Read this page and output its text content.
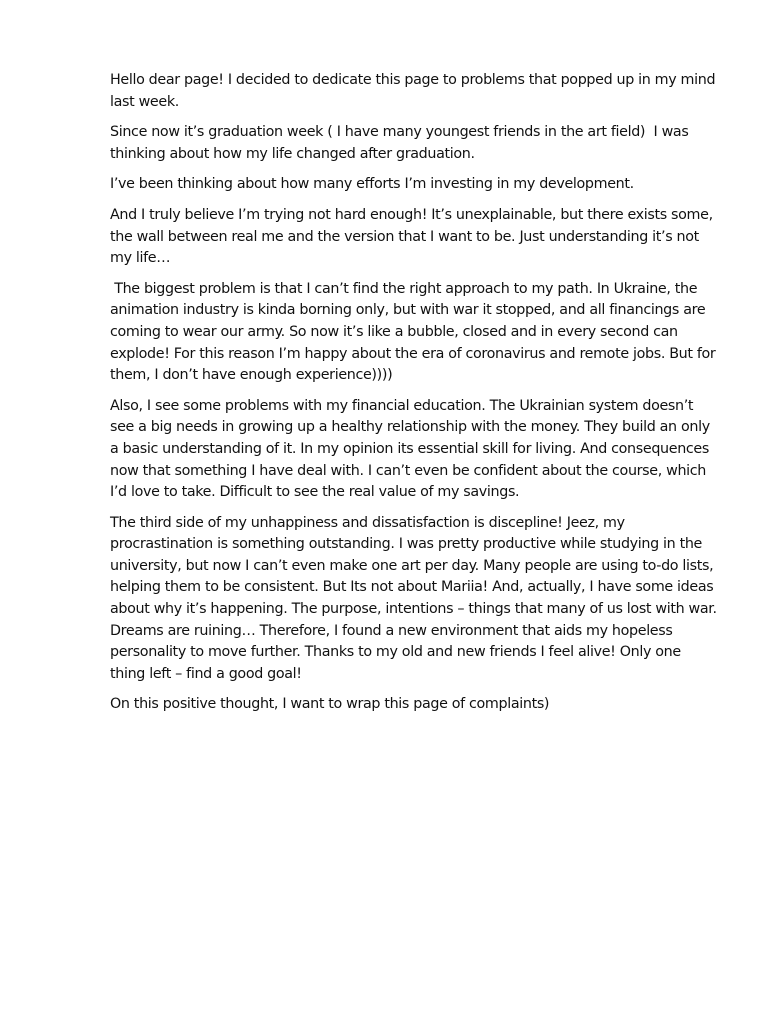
Hello dear page! I decided to dedicate this page to problems that popped up in my mind last week.

Since now it’s graduation week ( I have many youngest friends in the art field)  I was thinking about how my life changed after graduation.

I’ve been thinking about how many efforts I’m investing in my development.

And I truly believe I’m trying not hard enough! It’s unexplainable, but there exists some, the wall between real me and the version that I want to be. Just understanding it’s not my life…

The biggest problem is that I can’t find the right approach to my path. In Ukraine, the animation industry is kinda borning only, but with war it stopped, and all financings are coming to wear our army. So now it’s like a bubble, closed and in every second can explode! For this reason I’m happy about the era of coronavirus and remote jobs. But for them, I don’t have enough experience))))

Also, I see some problems with my financial education. The Ukrainian system doesn’t see a big needs in growing up a healthy relationship with the money. They build an only a basic understanding of it. In my opinion its essential skill for living. And consequences now that something I have deal with. I can’t even be confident about the course, which I’d love to take. Difficult to see the real value of my savings.

The third side of my unhappiness and dissatisfaction is discepline! Jeez, my procrastination is something outstanding. I was pretty productive while studying in the university, but now I can’t even make one art per day. Many people are using to-do lists, helping them to be consistent. But Its not about Mariia! And, actually, I have some ideas about why it’s happening. The purpose, intentions – things that many of us lost with war. Dreams are ruining… Therefore, I found a new environment that aids my hopeless personality to move further. Thanks to my old and new friends I feel alive! Only one thing left – find a good goal!

On this positive thought, I want to wrap this page of complaints)
